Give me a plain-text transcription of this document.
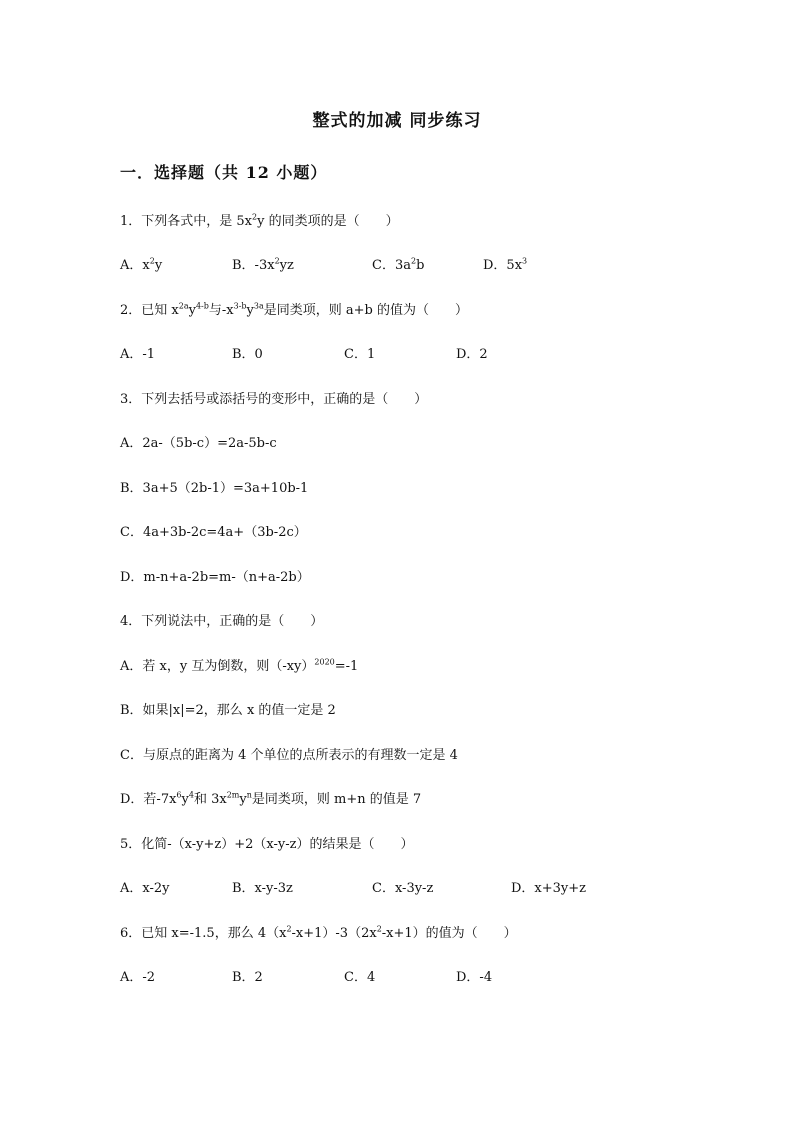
整式的加减 同步练习
一．选择题（共 12 小题）
1．下列各式中，是 $5x^2y$ 的同类项的是（　　）
A．$x^2y$	B．$-3x^2yz$	C．$3a^2b$	D．$5x^3$
2．已知 $x^{2a}y^{4-b}$与$-x^{3-b}y^{3a}$是同类项，则 a+b 的值为（　　）
A．-1	B．0	C．1	D．2
3．下列去括号或添括号的变形中，正确的是（　　）
A．2a-（5b-c）=2a-5b-c
B．3a+5（2b-1）=3a+10b-1
C．4a+3b-2c=4a+（3b-2c）
D．m-n+a-2b=m-（n+a-2b）
4．下列说法中，正确的是（　　）
A．若 x，y 互为倒数，则$(-xy)^{2020}=-1$
B．如果|x|=2，那么 x 的值一定是 2
C．与原点的距离为 4 个单位的点所表示的有理数一定是 4
D．若$-7x^6y^4$和 $3x^{2m}y^n$是同类项，则 m+n 的值是 7
5．化简-（x-y+z）+2（x-y-z）的结果是（　　）
A．x-2y	B．x-y-3z	C．x-3y-z	D．x+3y+z
6．已知 x=-1.5，那么 $4(x^2-x+1)-3(2x^2-x+1)$的值为（　　）
A．-2	B．2	C．4	D．-4
